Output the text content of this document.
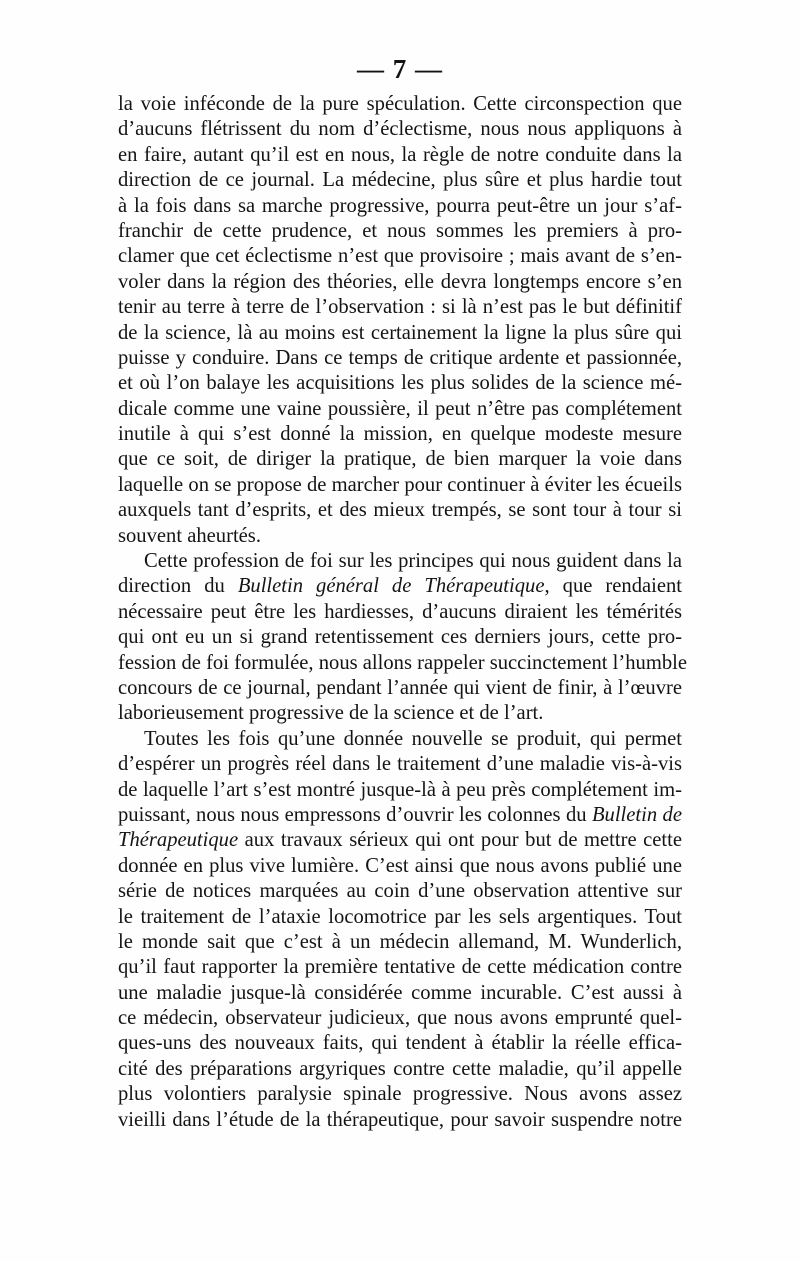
— 7 —
la voie inféconde de la pure spéculation. Cette circonspection que
d’aucuns flétrissent du nom d’éclectisme, nous nous appliquons à
en faire, autant qu’il est en nous, la règle de notre conduite dans la
direction de ce journal. La médecine, plus sûre et plus hardie tout
à la fois dans sa marche progressive, pourra peut-être un jour s’af-
franchir de cette prudence, et nous sommes les premiers à pro-
clamer que cet éclectisme n’est que provisoire ; mais avant de s’en-
voler dans la région des théories, elle devra longtemps encore s’en
tenir au terre à terre de l’observation : si là n’est pas le but définitif
de la science, là au moins est certainement la ligne la plus sûre qui
puisse y conduire. Dans ce temps de critique ardente et passionnée,
et où l’on balaye les acquisitions les plus solides de la science mé-
dicale comme une vaine poussière, il peut n’être pas complétement
inutile à qui s’est donné la mission, en quelque modeste mesure
que ce soit, de diriger la pratique, de bien marquer la voie dans
laquelle on se propose de marcher pour continuer à éviter les écueils
auxquels tant d’esprits, et des mieux trempés, se sont tour à tour si
souvent aheurtés.
Cette profession de foi sur les principes qui nous guident dans la
direction du Bulletin général de Thérapeutique, que rendaient
nécessaire peut être les hardiesses, d’aucuns diraient les témérités
qui ont eu un si grand retentissement ces derniers jours, cette pro-
fession de foi formulée, nous allons rappeler succinctement l’humble
concours de ce journal, pendant l’année qui vient de finir, à l’œuvre
laborieusement progressive de la science et de l’art.
Toutes les fois qu’une donnée nouvelle se produit, qui permet
d’espérer un progrès réel dans le traitement d’une maladie vis-à-vis
de laquelle l’art s’est montré jusque-là à peu près complétement im-
puissant, nous nous empressons d’ouvrir les colonnes du Bulletin de
Thérapeutique aux travaux sérieux qui ont pour but de mettre cette
donnée en plus vive lumière. C’est ainsi que nous avons publié une
série de notices marquées au coin d’une observation attentive sur
le traitement de l’ataxie locomotrice par les sels argentiques. Tout
le monde sait que c’est à un médecin allemand, M. Wunderlich,
qu’il faut rapporter la première tentative de cette médication contre
une maladie jusque-là considérée comme incurable. C’est aussi à
ce médecin, observateur judicieux, que nous avons emprunté quel-
ques-uns des nouveaux faits, qui tendent à établir la réelle effica-
cité des préparations argyriques contre cette maladie, qu’il appelle
plus volontiers paralysie spinale progressive. Nous avons assez
vieilli dans l’étude de la thérapeutique, pour savoir suspendre notre
